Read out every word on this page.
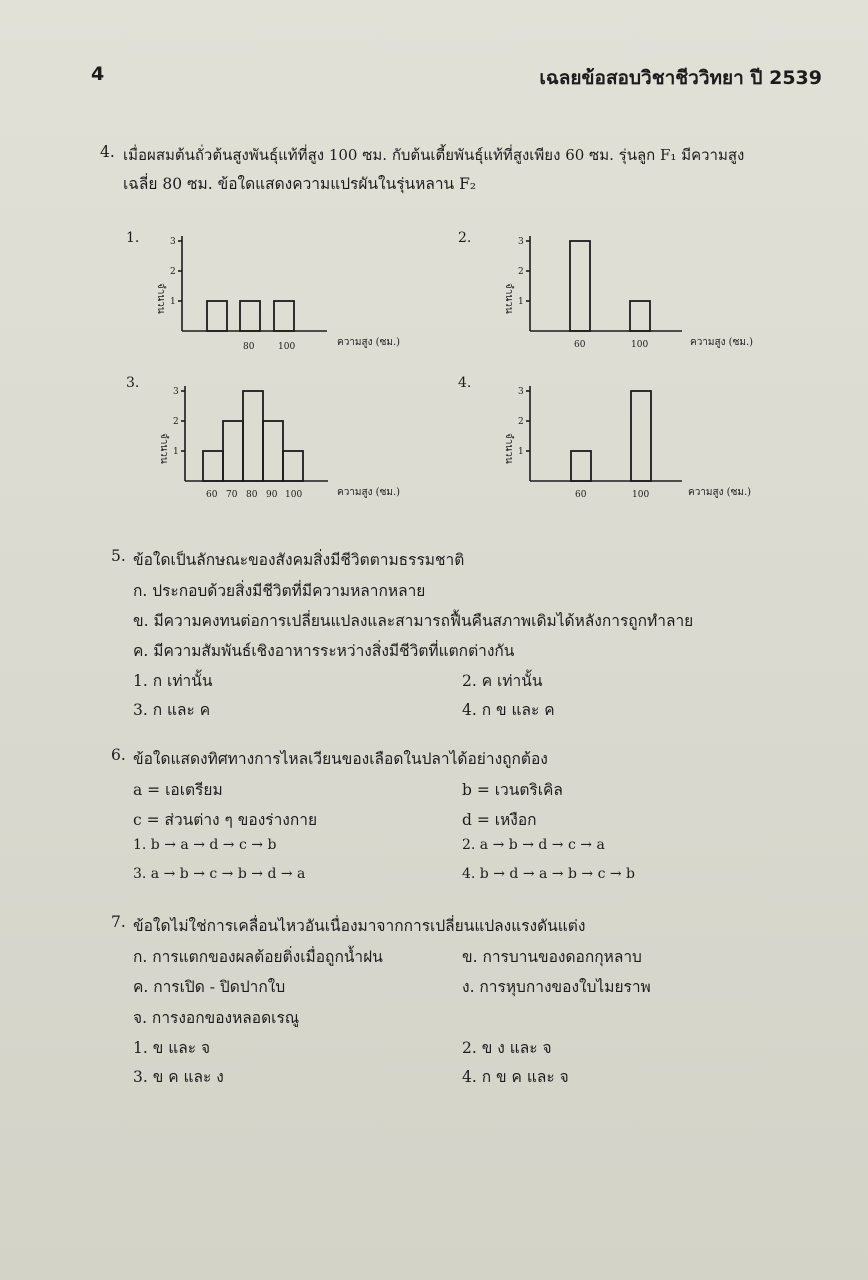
4	เฉลยข้อสอบวิชาชีววิทยา ปี 2539
4. เมื่อผสมต้นถั่วต้นสูงพันธุ์แท้ที่สูง 100 ซม. กับต้นเตี้ยพันธุ์แท้ที่สูงเพียง 60 ซม. รุ่นลูก F₁ มีความสูง
เฉลี่ย 80 ซม. ข้อใดแสดงความแปรผันในรุ่นหลาน F₂
1.	2.
3.	4.
1
2
3
จำนวน
ความสูง (ซม.)
80	100
1
2
3
จำนวน
ความสูง (ซม.)
60	100
1
2
3
จำนวน
ความสูง (ซม.)
60 70 80 90 100
1
2
3
จำนวน
ความสูง (ซม.)
60	100
5. ข้อใดเป็นลักษณะของสังคมสิ่งมีชีวิตตามธรรมชาติ
ก. ประกอบด้วยสิ่งมีชีวิตที่มีความหลากหลาย
ข. มีความคงทนต่อการเปลี่ยนแปลงและสามารถฟื้นคืนสภาพเดิมได้หลังการถูกทำลาย
ค. มีความสัมพันธ์เชิงอาหารระหว่างสิ่งมีชีวิตที่แตกต่างกัน
1. ก เท่านั้น	2. ค เท่านั้น
3. ก และ ค	4. ก ข และ ค
6. ข้อใดแสดงทิศทางการไหลเวียนของเลือดในปลาได้อย่างถูกต้อง
a = เอเตรียม	b = เวนตริเคิล
c = ส่วนต่าง ๆ ของร่างกาย	d = เหงือก
1. b → a → d → c → b	2. a → b → d → c → a
3. a → b → c → b → d → a	4. b → d → a → b → c → b
7. ข้อใดไม่ใช่การเคลื่อนไหวอันเนื่องมาจากการเปลี่ยนแปลงแรงดันแต่ง
ก. การแตกของผลต้อยติ่งเมื่อถูกน้ำฝน	ข. การบานของดอกกุหลาบ
ค. การเปิด - ปิดปากใบ	ง. การหุบกางของใบไมยราพ
จ. การงอกของหลอดเรณู
1. ข และ จ	2. ข ง และ จ
3. ข ค และ ง	4. ก ข ค และ จ
